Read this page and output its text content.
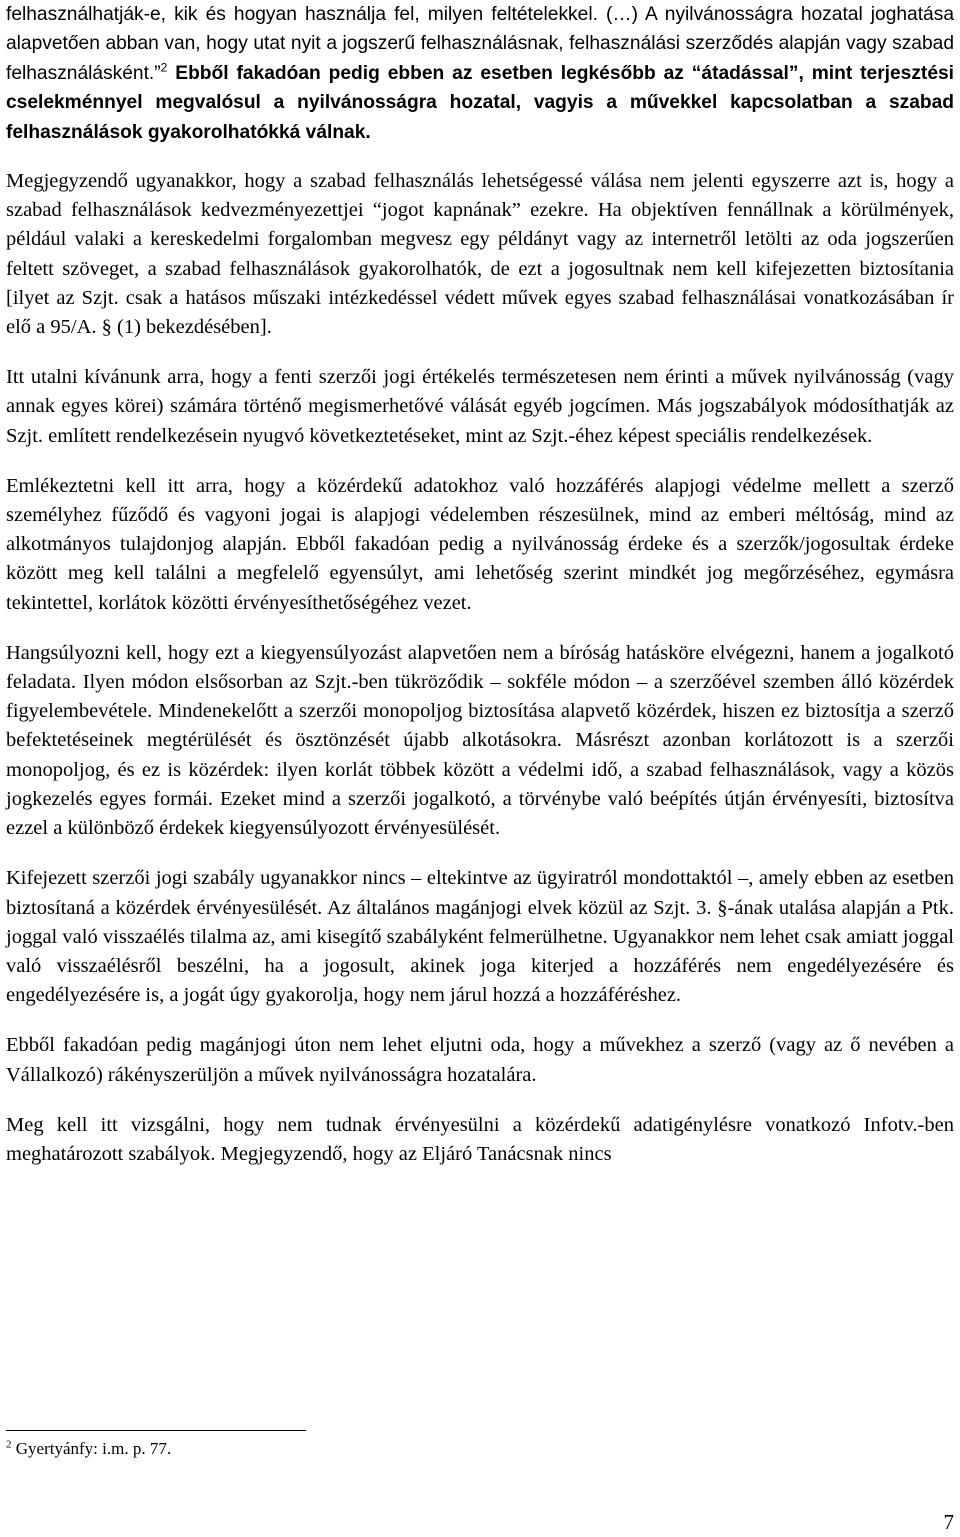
felhasználhatják-e, kik és hogyan használja fel, milyen feltételekkel. (…) A nyilvánosságra hozatal joghatása alapvetően abban van, hogy utat nyit a jogszerű felhasználásnak, felhasználási szerződés alapján vagy szabad felhasználásként.”$^2$ Ebből fakadóan pedig ebben az esetben legkésőbb az “átadással”, mint terjesztési cselekménnyel megvalósul a nyilvánosságra hozatal, vagyis a művekkel kapcsolatban a szabad felhasználások gyakorolhatókká válnak.

Megjegyzendő ugyanakkor, hogy a szabad felhasználás lehetségessé válása nem jelenti egyszerre azt is, hogy a szabad felhasználások kedvezményezettjei “jogot kapnának” ezekre. Ha objektíven fennállnak a körülmények, például valaki a kereskedelmi forgalomban megvesz egy példányt vagy az internetről letölti az oda jogszerűen feltett szöveget, a szabad felhasználások gyakorolhatók, de ezt a jogosultnak nem kell kifejezetten biztosítania [ilyet az Szjt. csak a hatásos műszaki intézkedéssel védett művek egyes szabad felhasználásai vonatkozásában ír elő a 95/A. § (1) bekezdésében].

Itt utalni kívánunk arra, hogy a fenti szerzői jogi értékelés természetesen nem érinti a művek nyilvánosság (vagy annak egyes körei) számára történő megismerhetővé válását egyéb jogcímen. Más jogszabályok módosíthatják az Szjt. említett rendelkezésein nyugvó következtetéseket, mint az Szjt.-éhez képest speciális rendelkezések.

Emlékeztetni kell itt arra, hogy a közérdekű adatokhoz való hozzáférés alapjogi védelme mellett a szerző személyhez fűződő és vagyoni jogai is alapjogi védelemben részesülnek, mind az emberi méltóság, mind az alkotmányos tulajdonjog alapján. Ebből fakadóan pedig a nyilvánosság érdeke és a szerzők/jogosultak érdeke között meg kell találni a megfelelő egyensúlyt, ami lehetőség szerint mindkét jog megőrzéséhez, egymásra tekintettel, korlátok közötti érvényesíthetőségéhez vezet.

Hangsúlyozni kell, hogy ezt a kiegyensúlyozást alapvetően nem a bíróság hatásköre elvégezni, hanem a jogalkotó feladata. Ilyen módon elsősorban az Szjt.-ben tükröződik – sokféle módon – a szerzőével szemben álló közérdek figyelembevétele. Mindenekelőtt a szerzői monopoljog biztosítása alapvető közérdek, hiszen ez biztosítja a szerző befektetéseinek megtérülését és ösztönzését újabb alkotásokra. Másrészt azonban korlátozott is a szerzői monopoljog, és ez is közérdek: ilyen korlát többek között a védelmi idő, a szabad felhasználások, vagy a közös jogkezelés egyes formái. Ezeket mind a szerzői jogalkotó, a törvénybe való beépítés útján érvényesíti, biztosítva ezzel a különböző érdekek kiegyensúlyozott érvényesülését.

Kifejezett szerzői jogi szabály ugyanakkor nincs – eltekintve az ügyiratról mondottaktól –, amely ebben az esetben biztosítaná a közérdek érvényesülését. Az általános magánjogi elvek közül az Szjt. 3. §-ának utalása alapján a Ptk. joggal való visszaélés tilalma az, ami kisegítő szabályként felmerülhetne. Ugyanakkor nem lehet csak amiatt joggal való visszaélésről beszélni, ha a jogosult, akinek joga kiterjed a hozzáférés nem engedélyezésére és engedélyezésére is, a jogát úgy gyakorolja, hogy nem járul hozzá a hozzáféréshez.

Ebből fakadóan pedig magánjogi úton nem lehet eljutni oda, hogy a művekhez a szerző (vagy az ő nevében a Vállalkozó) rákényszerüljön a művek nyilvánosságra hozatalára.

Meg kell itt vizsgálni, hogy nem tudnak érvényesülni a közérdekű adatigénylésre vonatkozó Infotv.-ben meghatározott szabályok. Megjegyzendő, hogy az Eljáró Tanácsnak nincs

$^2$ Gyertyánfy: i.m. p. 77.
7
